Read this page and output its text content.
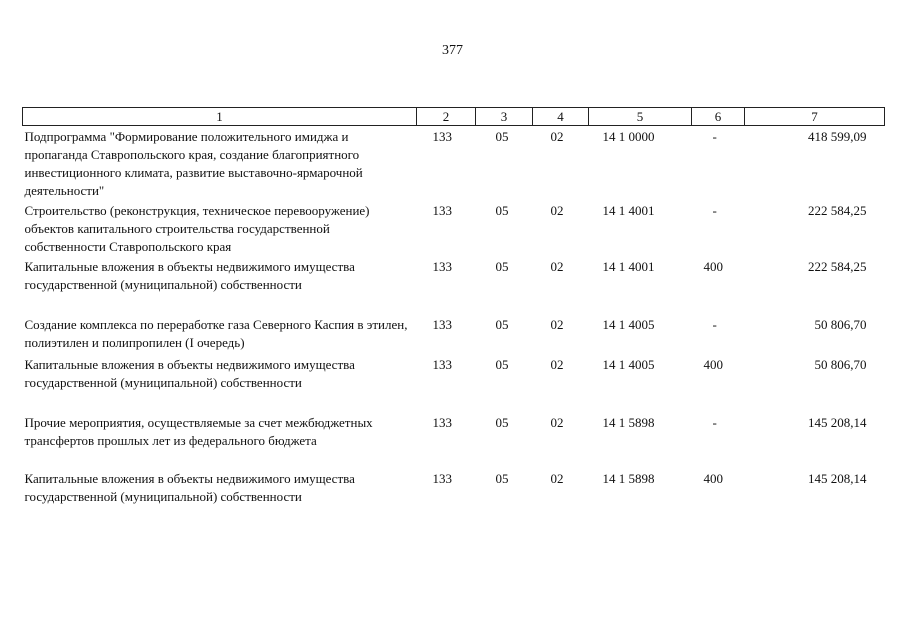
377
1	2	3	4	5	6	7

Подпрограмма "Формирование положительного имиджа и пропаганда Ставропольского края, создание благоприятного инвестиционного климата, развитие выставочно-ярмарочной деятельности"	133	05	02	14 1 0000	-	418 599,09
Строительство (реконструкция, техническое перевооружение) объектов капитального строительства государственной собственности Ставропольского края	133	05	02	14 1 4001	-	222 584,25
Капитальные вложения в объекты недвижимого имущества государственной (муниципальной) собственности	133	05	02	14 1 4001	400	222 584,25
Создание комплекса по переработке газа Северного Каспия в этилен, полиэтилен и полипропилен (I очередь)	133	05	02	14 1 4005	-	50 806,70
Капитальные вложения в объекты недвижимого имущества государственной (муниципальной) собственности	133	05	02	14 1 4005	400	50 806,70
Прочие мероприятия, осуществляемые за счет межбюджетных трансфертов прошлых лет из федерального бюджета	133	05	02	14 1 5898	-	145 208,14
Капитальные вложения в объекты недвижимого имущества государственной (муниципальной) собственности	133	05	02	14 1 5898	400	145 208,14
